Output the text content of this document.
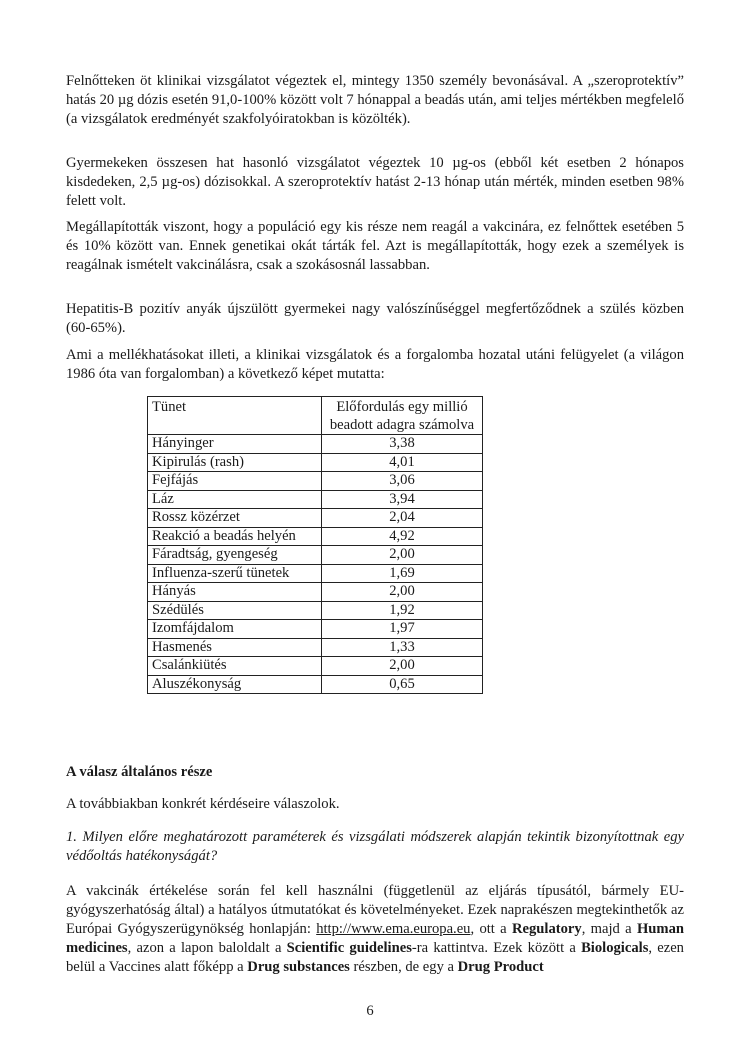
Felnőtteken öt klinikai vizsgálatot végeztek el, mintegy 1350 személy bevonásával. A „szeroprotektív” hatás 20 µg dózis esetén 91,0-100% között volt 7 hónappal a beadás után, ami teljes mértékben megfelelő (a vizsgálatok eredményét szakfolyóiratokban is közölték).

Gyermekeken összesen hat hasonló vizsgálatot végeztek 10 µg-os (ebből két esetben 2 hónapos kisdedeken, 2,5 µg-os) dózisokkal. A szeroprotektív hatást 2-13 hónap után mérték, minden esetben 98% felett volt.

Megállapították viszont, hogy a populáció egy kis része nem reagál a vakcinára, ez felnőttek esetében 5 és 10% között van. Ennek genetikai okát tárták fel. Azt is megállapították, hogy ezek a személyek is reagálnak ismételt vakcinálásra, csak a szokásosnál lassabban.

Hepatitis-B pozitív anyák újszülött gyermekei nagy valószínűséggel megfertőződnek a szülés közben (60-65%).

Ami a mellékhatásokat illeti, a klinikai vizsgálatok és a forgalomba hozatal utáni felügyelet (a világon 1986 óta van forgalomban) a következő képet mutatta:

Tünet	Előfordulás egy millió beadott adagra számolva
Hányinger	3,38
Kipirulás (rash)	4,01
Fejfájás	3,06
Láz	3,94
Rossz közérzet	2,04
Reakció a beadás helyén	4,92
Fáradtság, gyengeség	2,00
Influenza-szerű tünetek	1,69
Hányás	2,00
Szédülés	1,92
Izomfájdalom	1,97
Hasmenés	1,33
Csalánkiütés	2,00
Aluszékonyság	0,65

A válasz általános része

A továbbiakban konkrét kérdéseire válaszolok.

1. Milyen előre meghatározott paraméterek és vizsgálati módszerek alapján tekintik bizonyítottnak egy védőoltás hatékonyságát?

A vakcinák értékelése során fel kell használni (függetlenül az eljárás típusától, bármely EU-gyógyszerhatóság által) a hatályos útmutatókat és követelményeket. Ezek naprakészen megtekinthetők az Európai Gyógyszerügynökség honlapján: http://www.ema.europa.eu, ott a Regulatory, majd a Human medicines, azon a lapon baloldalt a Scientific guidelines-ra kattintva. Ezek között a Biologicals, ezen belül a Vaccines alatt főképp a Drug substances részben, de egy a Drug Product

6
